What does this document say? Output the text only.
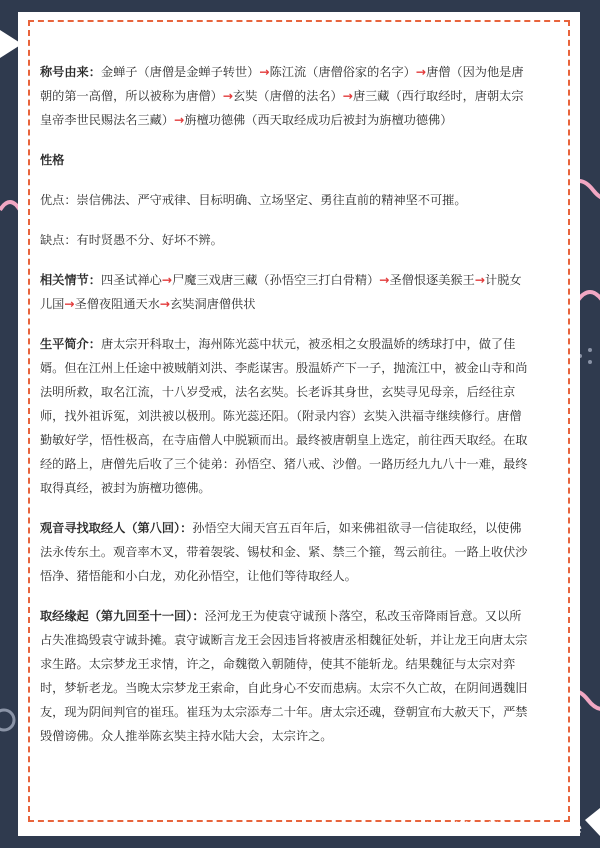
称号由来：金蝉子（唐僧是金蝉子转世）→陈江流（唐僧俗家的名字）→唐僧（因为他是唐朝的第一高僧，所以被称为唐僧）→玄奘（唐僧的法名）→唐三藏（西行取经时，唐朝太宗皇帝李世民赐法名三藏）→旃檀功德佛（西天取经成功后被封为旃檀功德佛）

性格

优点：崇信佛法、严守戒律、目标明确、立场坚定、勇往直前的精神坚不可摧。

缺点：有时贤愚不分、好坏不辨。

相关情节：四圣试禅心→尸魔三戏唐三藏（孙悟空三打白骨精）→圣僧恨逐美猴王→计脱女儿国→圣僧夜阻通天水→玄奘洞唐僧供状

生平简介：唐太宗开科取士，海州陈光蕊中状元，被丞相之女殷温娇的绣球打中，做了佳婿。但在江州上任途中被贼艄刘洪、李彪谋害。殷温娇产下一子，抛流江中，被金山寺和尚法明所救，取名江流，十八岁受戒，法名玄奘。长老诉其身世，玄奘寻见母亲，后经往京师，找外祖诉冤，刘洪被以极刑。陈光蕊还阳。（附录内容）玄奘入洪福寺继续修行。唐僧勤敏好学，悟性极高，在寺庙僧人中脱颖而出。最终被唐朝皇上选定，前往西天取经。在取经的路上，唐僧先后收了三个徒弟：孙悟空、猪八戒、沙僧。一路历经九九八十一难，最终取得真经，被封为旃檀功德佛。

观音寻找取经人（第八回）：孙悟空大闹天宫五百年后，如来佛祖欲寻一信徒取经，以使佛法永传东土。观音率木叉，带着袈裟、锡杖和金、紧、禁三个箍，驾云前往。一路上收伏沙悟净、猪悟能和小白龙，劝化孙悟空，让他们等待取经人。

取经缘起（第九回至十一回）：泾河龙王为使袁守诚预卜落空，私改玉帝降雨旨意。又以所占失准捣毁袁守诚卦摊。袁守诚断言龙王会因违旨将被唐丞相魏征处斩，并让龙王向唐太宗求生路。太宗梦龙王求情，许之，命魏徵入朝随侍，使其不能斩龙。结果魏征与太宗对弈时，梦斩老龙。当晚太宗梦龙王索命，自此身心不安而患病。太宗不久亡故，在阴间遇魏旧友，现为阴间判官的崔珏。崔珏为太宗添寿二十年。唐太宗还魂，登朝宣布大赦天下，严禁毁僧谤佛。众人推举陈玄奘主持水陆大会，太宗许之。

头条 @学海无涯knowledge
